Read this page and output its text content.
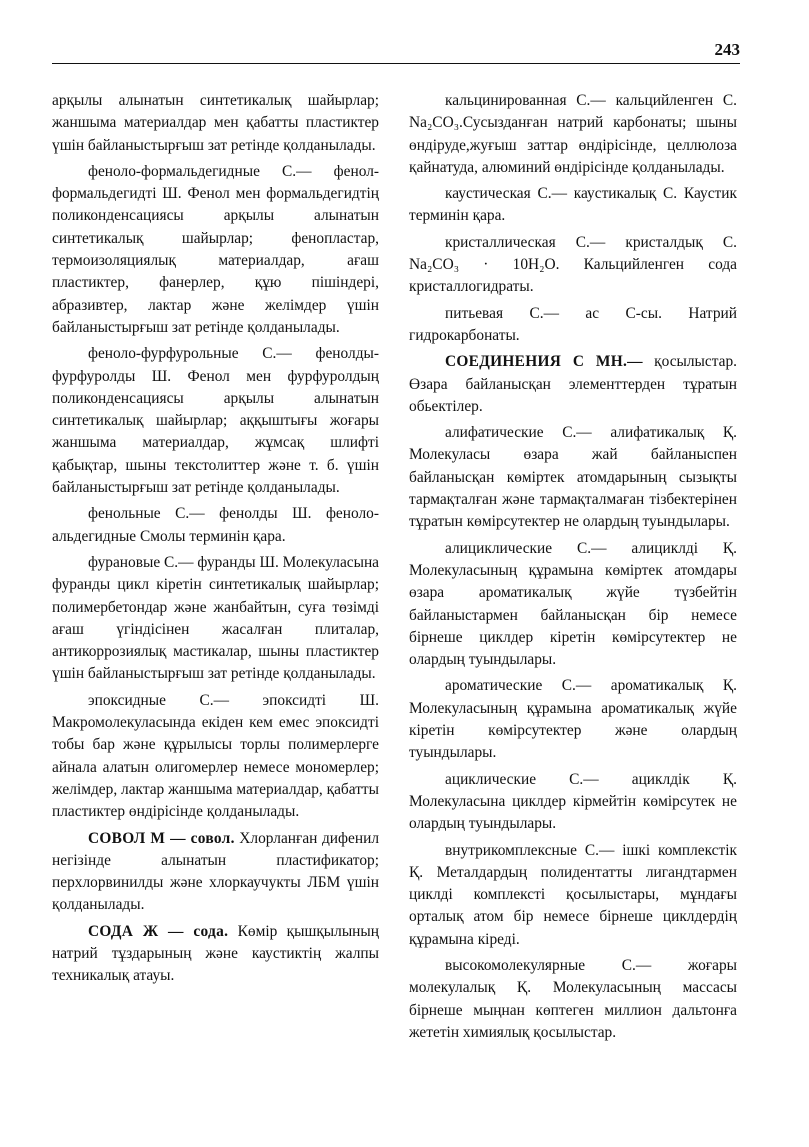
243

арқылы алынатын синтетикалық шайырлар; жаншыма материалдар мен қабатты пластиктер үшін байланыстырғыш зат ретінде қолданылады.

феноло-формальдегидные С.— фенол-формальдегидті Ш. Фенол мен формальдегидтің поликонденсациясы арқылы алынатын синтетикалық шайырлар; фенопластар, термоизоляциялық материалдар, ағаш пластиктер, фанерлер, құю пішіндері, абразивтер, лактар және желімдер үшін байланыстырғыш зат ретінде қолданылады.

феноло-фурфурольные С.— фенолды-фурфуролды Ш. Фенол мен фурфуролдың поликонденсациясы арқылы алынатын синтетикалық шайырлар; аққыштығы жоғары жаншыма материалдар, жұмсақ шлифті қабықтар, шыны текстолиттер және т. б. үшін байланыстырғыш зат ретінде қолданылады.

фенольные С.— фенолды Ш. феноло-альдегидные Смолы терминін қара.

фурановые С.— фуранды Ш. Молекуласына фуранды цикл кіретін синтетикалық шайырлар; полимербетондар және жанбайтын, суға төзімді ағаш үгіндісінен жасалған плиталар, антикоррозиялық мастикалар, шыны пластиктер үшін байланыстырғыш зат ретінде қолданылады.

эпоксидные С.— эпоксидті Ш. Макромолекуласында екіден кем емес эпоксидті тобы бар және құрылысы торлы полимерлерге айнала алатын олигомерлер немесе мономерлер; желімдер, лактар жаншыма материалдар, қабатты пластиктер өндірісінде қолданылады.

СОВОЛ М — совол. Хлорланған дифенил негізінде алынатын пластификатор; перхлорвинилды және хлоркаучукты ЛБМ үшін қолданылады.

СОДА Ж — сода. Көмір қышқылының натрий тұздарының және каустиктің жалпы техникалық атауы.

кальцинированная С.— кальцийленген С. Na₂CO₃.Сусызданған натрий карбонаты; шыны өндіруде,жуғыш заттар өндірісінде, целлюлоза қайнатуда, алюминий өндірісінде қолданылады.

каустическая С.— каустикалық С. Каустик терминін қара.

кристаллическая С.— кристалдық С. Na₂CO₃ · 10H₂O. Кальцийленген сода кристаллогидраты.

питьевая С.— ас С-сы. Натрий гидрокарбонаты.

СОЕДИНЕНИЯ С МН.— қосылыстар. Өзара байланысқан элементтерден тұратын обьектілер.

алифатические С.— алифатикалық Қ. Молекуласы өзара жай байланыспен байланысқан көміртек атомдарының сызықты тармақталған және тармақталмаған тізбектерінен тұратын көмірсутектер не олардың туындылары.

алициклические С.— алициклді Қ. Молекуласының құрамына көміртек атомдары өзара ароматикалық жүйе түзбейтін байланыстармен байланысқан бір немесе бірнеше циклдер кіретін көмірсутектер не олардың туындылары.

ароматические С.— ароматикалық Қ. Молекуласының құрамына ароматикалық жүйе кіретін көмірсутектер және олардың туындылары.

ациклические С.— ациклдік Қ. Молекуласына циклдер кірмейтін көмірсутек не олардың туындылары.

внутрикомплексные С.— ішкі комплекстік Қ. Металдардың полидентатты лигандтармен циклді комплексті қосылыстары, мұндағы орталық атом бір немесе бірнеше циклдердің құрамына кіреді.

высокомолекулярные С.— жоғары молекулалық Қ. Молекуласының массасы бірнеше мыңнан көптеген миллион дальтонға жететін химиялық қосылыстар.
